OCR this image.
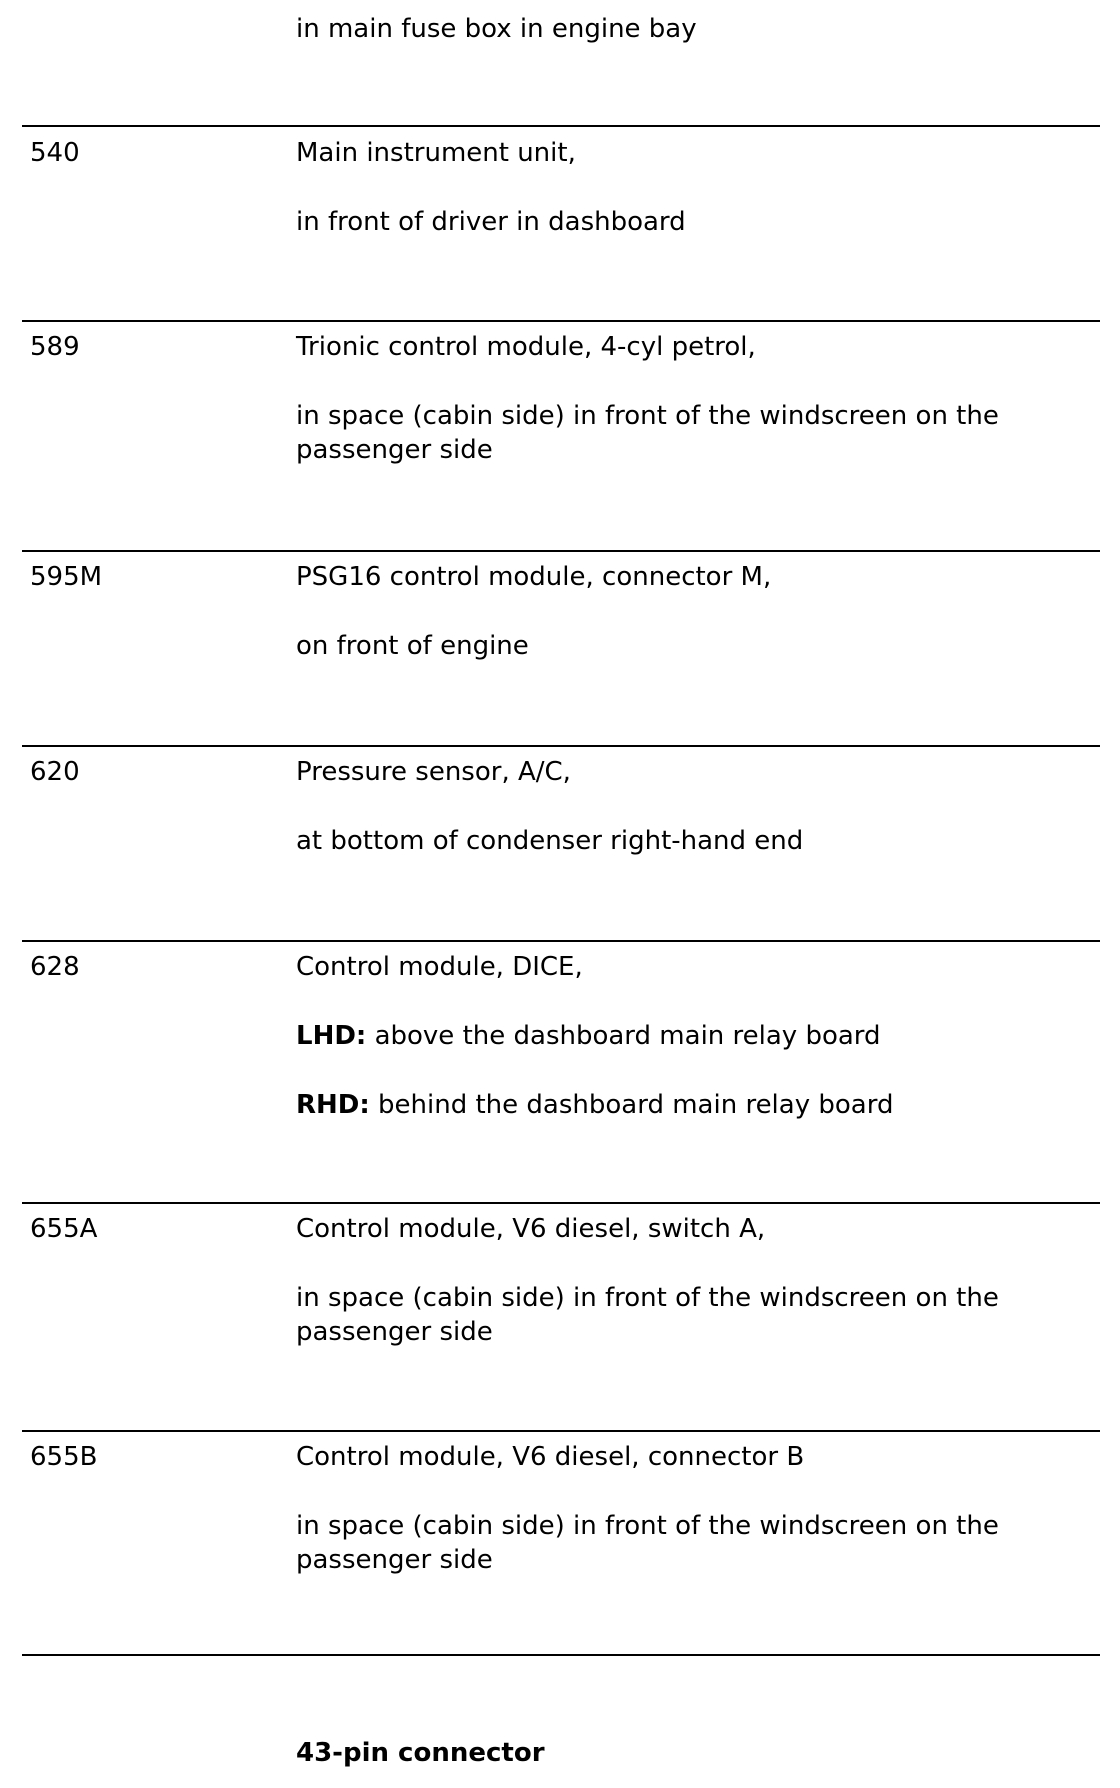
in main fuse box in engine bay
540	Main instrument unit,
in front of driver in dashboard
589	Trionic control module, 4-cyl petrol,
in space (cabin side) in front of the windscreen on the passenger side
595M	PSG16 control module, connector M,
on front of engine
620	Pressure sensor, A/C,
at bottom of condenser right-hand end
628	Control module, DICE,
LHD: above the dashboard main relay board
RHD: behind the dashboard main relay board
655A	Control module, V6 diesel, switch A,
in space (cabin side) in front of the windscreen on the passenger side
655B	Control module, V6 diesel, connector B
in space (cabin side) in front of the windscreen on the passenger side
43-pin connector
